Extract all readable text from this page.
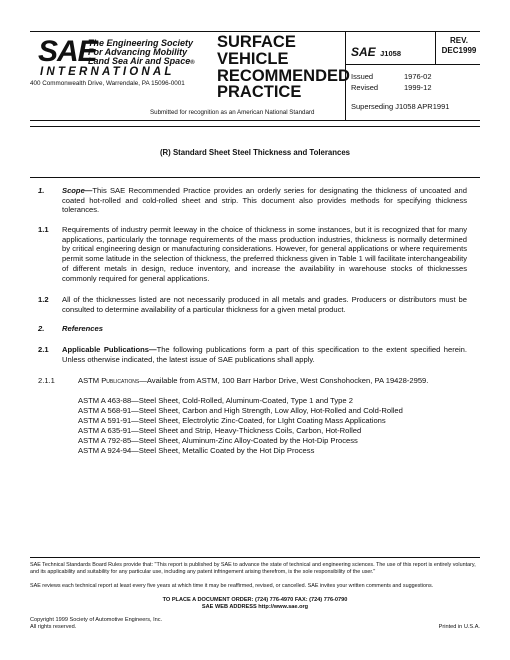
SAE
The Engineering Society
For Advancing Mobility
Land Sea Air and Space®
INTERNATIONAL
400 Commonwealth Drive, Warrendale, PA 15096-0001
SURFACE
VEHICLE
RECOMMENDED
PRACTICE
SAE J1058
REV.
DEC1999
Issued	1976-02
Revised	1999-12
Superseding J1058 APR1991
Submitted for recognition as an American National Standard
(R) Standard Sheet Steel Thickness and Tolerances
1. Scope—This SAE Recommended Practice provides an orderly series for designating the thickness of uncoated and coated hot-rolled and cold-rolled sheet and strip. This document also provides methods for specifying thickness tolerances.
1.1 Requirements of industry permit leeway in the choice of thickness in some instances, but it is recognized that for many applications, particularly the tonnage requirements of the mass production industries, thickness is normally determined by critical engineering design or manufacturing considerations. However, for general applications or where requirements permit some latitude in the selection of thickness, the preferred thickness given in Table 1 will facilitate interchangeability of different metals in design, reduce inventory, and increase the availability in warehouse stocks of thicknesses commonly required for general applications.
1.2 All of the thicknesses listed are not necessarily produced in all metals and grades. Producers or distributors must be consulted to determine availability of a particular thickness for a given metal product.
2. References
2.1 Applicable Publications—The following publications form a part of this specification to the extent specified herein. Unless otherwise indicated, the latest issue of SAE publications shall apply.
2.1.1	ASTM Publications—Available from ASTM, 100 Barr Harbor Drive, West Conshohocken, PA 19428-2959.
ASTM A 463-88—Steel Sheet, Cold-Rolled, Aluminum-Coated, Type 1 and Type 2
ASTM A 568-91—Steel Sheet, Carbon and High Strength, Low Alloy, Hot-Rolled and Cold-Rolled
ASTM A 591-91—Steel Sheet, Electrolytic Zinc-Coated, for LIght Coating Mass Applications
ASTM A 635-91—Steel Sheet and Strip, Heavy-Thickness Coils, Carbon, Hot-Rolled
ASTM A 792-85—Steel Sheet, Aluminum-Zinc Alloy-Coated by the Hot-Dip Process
ASTM A 924-94—Steel Sheet, Metallic Coated by the Hot Dip Process
SAE Technical Standards Board Rules provide that: "This report is published by SAE to advance the state of technical and engineering sciences. The use of this report is entirely voluntary, and its applicability and suitability for any particular use, including any patent infringement arising therefrom, is the sole responsibility of the user."
SAE reviews each technical report at least every five years at which time it may be reaffirmed, revised, or cancelled. SAE invites your written comments and suggestions.
TO PLACE A DOCUMENT ORDER: (724) 776-4970 FAX: (724) 776-0790
SAE WEB ADDRESS http://www.sae.org
Copyright 1999 Society of Automotive Engineers, Inc.
All rights reserved.	Printed in U.S.A.
